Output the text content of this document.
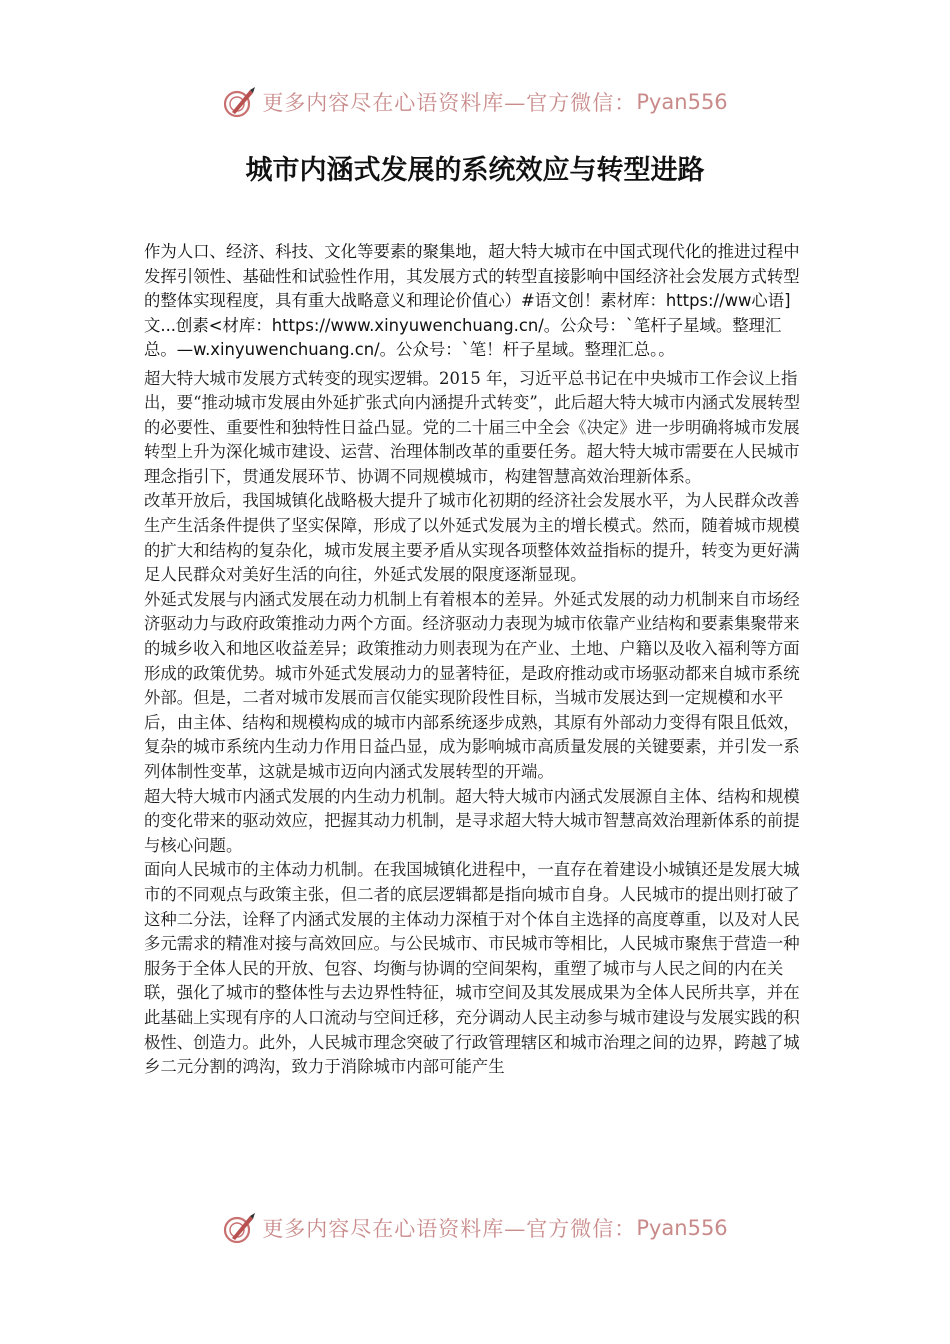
更多内容尽在心语资料库—官方微信： Pyan556
城市内涵式发展的系统效应与转型进路

作为人口、经济、科技、文化等要素的聚集地，超大特大城市在中国式现代化的推进过程中发挥引领性、基础性和试验性作用，其发展方式的转型直接影响中国经济社会发展方式转型的整体实现程度，具有重大战略意义和理论价值心）#语文创！素材库：https://ww心语]文...创素<材库：https://www.xinyuwenchuang.cn/。公众号：`笔杆子星域。整理汇总。—w.xinyuwenchuang.cn/。公众号：`笔！杆子星域。整理汇总。。

超大特大城市发展方式转变的现实逻辑。2015 年，习近平总书记在中央城市工作会议上指出，要“推动城市发展由外延扩张式向内涵提升式转变”，此后超大特大城市内涵式发展转型的必要性、重要性和独特性日益凸显。党的二十届三中全会《决定》进一步明确将城市发展转型上升为深化城市建设、运营、治理体制改革的重要任务。超大特大城市需要在人民城市理念指引下，贯通发展环节、协调不同规模城市，构建智慧高效治理新体系。

改革开放后，我国城镇化战略极大提升了城市化初期的经济社会发展水平，为人民群众改善生产生活条件提供了坚实保障，形成了以外延式发展为主的增长模式。然而，随着城市规模的扩大和结构的复杂化，城市发展主要矛盾从实现各项整体效益指标的提升，转变为更好满足人民群众对美好生活的向往，外延式发展的限度逐渐显现。

外延式发展与内涵式发展在动力机制上有着根本的差异。外延式发展的动力机制来自市场经济驱动力与政府政策推动力两个方面。经济驱动力表现为城市依靠产业结构和要素集聚带来的城乡收入和地区收益差异；政策推动力则表现为在产业、土地、户籍以及收入福利等方面形成的政策优势。城市外延式发展动力的显著特征，是政府推动或市场驱动都来自城市系统外部。但是，二者对城市发展而言仅能实现阶段性目标，当城市发展达到一定规模和水平后，由主体、结构和规模构成的城市内部系统逐步成熟，其原有外部动力变得有限且低效，复杂的城市系统内生动力作用日益凸显，成为影响城市高质量发展的关键要素，并引发一系列体制性变革，这就是城市迈向内涵式发展转型的开端。

超大特大城市内涵式发展的内生动力机制。超大特大城市内涵式发展源自主体、结构和规模的变化带来的驱动效应，把握其动力机制，是寻求超大特大城市智慧高效治理新体系的前提与核心问题。

面向人民城市的主体动力机制。在我国城镇化进程中，一直存在着建设小城镇还是发展大城市的不同观点与政策主张，但二者的底层逻辑都是指向城市自身。人民城市的提出则打破了这种二分法，诠释了内涵式发展的主体动力深植于对个体自主选择的高度尊重，以及对人民多元需求的精准对接与高效回应。与公民城市、市民城市等相比，人民城市聚焦于营造一种服务于全体人民的开放、包容、均衡与协调的空间架构，重塑了城市与人民之间的内在关联，强化了城市的整体性与去边界性特征，城市空间及其发展成果为全体人民所共享，并在此基础上实现有序的人口流动与空间迁移，充分调动人民主动参与城市建设与发展实践的积极性、创造力。此外，人民城市理念突破了行政管理辖区和城市治理之间的边界，跨越了城乡二元分割的鸿沟，致力于消除城市内部可能产生

更多内容尽在心语资料库—官方微信： Pyan556
